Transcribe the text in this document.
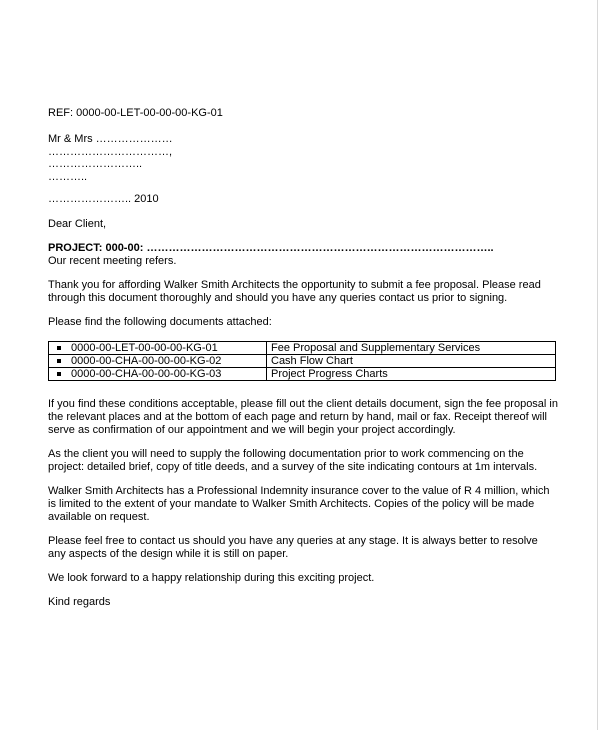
REF: 0000-00-LET-00-00-00-KG-01
Mr & Mrs …………………
……………………………,
……………………..
………..
………………….. 2010
Dear Client,
PROJECT: 000-00: …………………………………………………………………………………..
Our recent meeting refers.
Thank you for affording Walker Smith Architects the opportunity to submit a fee proposal. Please read through this document thoroughly and should you have any queries contact us prior to signing.
Please find the following documents attached:
0000-00-LET-00-00-00-KG-01	Fee Proposal and Supplementary Services
0000-00-CHA-00-00-00-KG-02	Cash Flow Chart
0000-00-CHA-00-00-00-KG-03	Project Progress Charts
If you find these conditions acceptable, please fill out the client details document, sign the fee proposal in the relevant places and at the bottom of each page and return by hand, mail or fax. Receipt thereof will serve as confirmation of our appointment and we will begin your project accordingly.
As the client you will need to supply the following documentation prior to work commencing on the project: detailed brief, copy of title deeds, and a survey of the site indicating contours at 1m intervals.
Walker Smith Architects has a Professional Indemnity insurance cover to the value of R 4 million, which is limited to the extent of your mandate to Walker Smith Architects. Copies of the policy will be made available on request.
Please feel free to contact us should you have any queries at any stage. It is always better to resolve any aspects of the design while it is still on paper.
We look forward to a happy relationship during this exciting project.
Kind regards
